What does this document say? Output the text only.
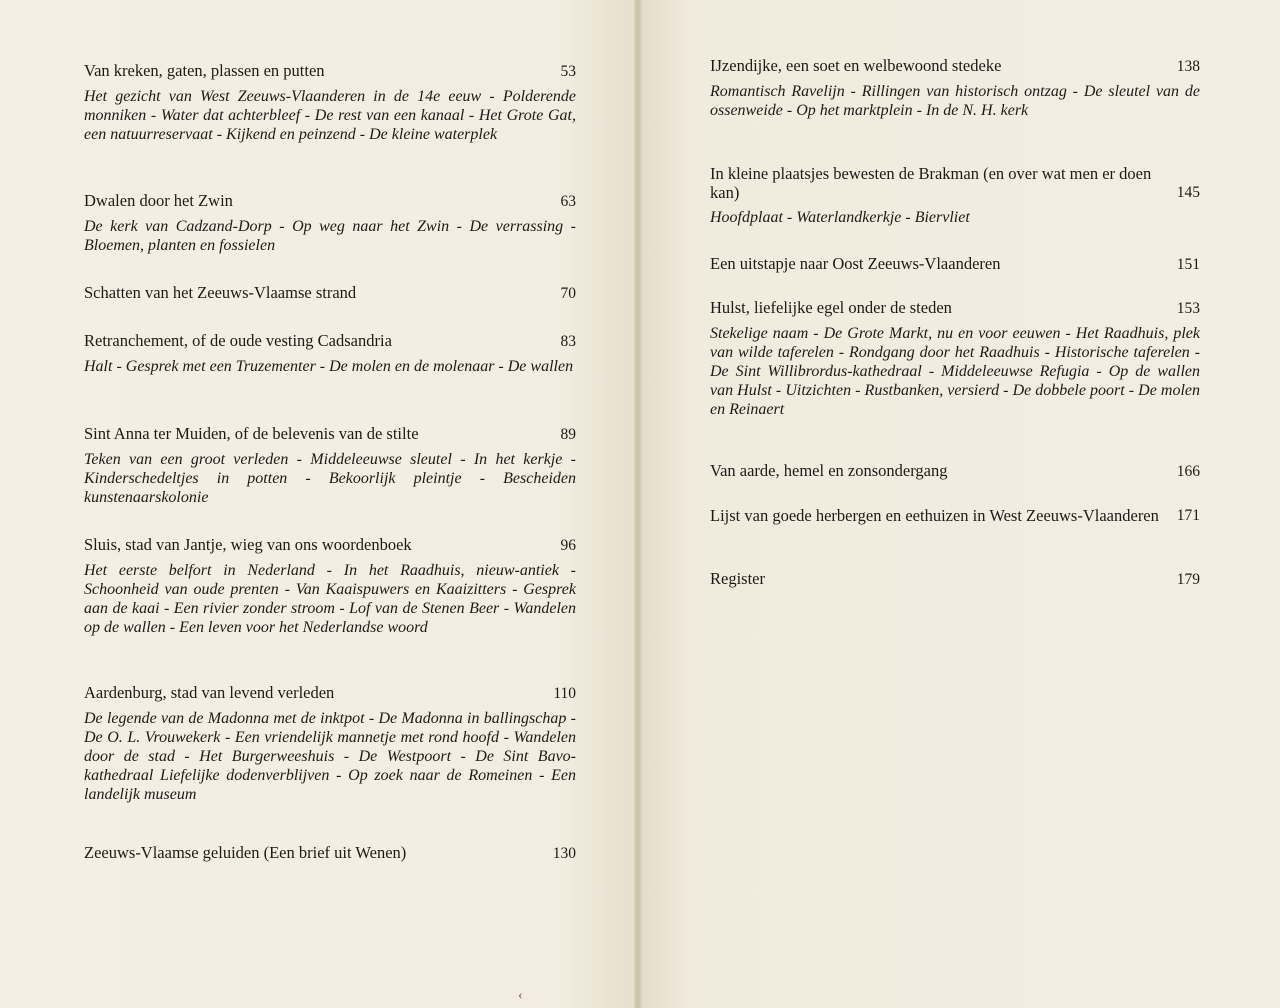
‹
Van kreken, gaten, plassen en putten	53
Het gezicht van West Zeeuws-Vlaanderen in de 14e eeuw - Polderende monniken - Water dat achterbleef - De rest van een kanaal - Het Grote Gat, een natuurreservaat - Kijkend en peinzend - De kleine waterplek
Dwalen door het Zwin	63
De kerk van Cadzand-Dorp - Op weg naar het Zwin - De verrassing - Bloemen, planten en fossielen
Schatten van het Zeeuws-Vlaamse strand	70
Retranchement, of de oude vesting Cadsandria	83
Halt - Gesprek met een Truzementer - De molen en de molenaar - De wallen
Sint Anna ter Muiden, of de belevenis van de stilte	89
Teken van een groot verleden - Middeleeuwse sleutel - In het kerkje - Kinderschedeltjes in potten - Bekoorlijk pleintje - Bescheiden kunstenaarskolonie
Sluis, stad van Jantje, wieg van ons woordenboek	96
Het eerste belfort in Nederland - In het Raadhuis, nieuw-antiek - Schoonheid van oude prenten - Van Kaaispuwers en Kaaizitters - Gesprek aan de kaai - Een rivier zonder stroom - Lof van de Stenen Beer - Wandelen op de wallen - Een leven voor het Nederlandse woord
Aardenburg, stad van levend verleden	110
De legende van de Madonna met de inktpot - De Madonna in ballingschap - De O. L. Vrouwekerk - Een vriendelijk mannetje met rond hoofd - Wandelen door de stad - Het Burgerweeshuis - De Westpoort - De Sint Bavo-kathedraal Liefelijke dodenverblijven - Op zoek naar de Romeinen - Een landelijk museum
Zeeuws-Vlaamse geluiden (Een brief uit Wenen)	130
IJzendijke, een soet en welbewoond stedeke	138
Romantisch Ravelijn - Rillingen van historisch ontzag - De sleutel van de ossenweide - Op het marktplein - In de N. H. kerk
In kleine plaatsjes bewesten de Brakman (en over wat men er doen kan)	145
Hoofdplaat - Waterlandkerkje - Biervliet
Een uitstapje naar Oost Zeeuws-Vlaanderen	151
Hulst, liefelijke egel onder de steden	153
Stekelige naam - De Grote Markt, nu en voor eeuwen - Het Raadhuis, plek van wilde taferelen - Rondgang door het Raadhuis - Historische taferelen - De Sint Willibrordus-kathedraal - Middeleeuwse Refugia - Op de wallen van Hulst - Uitzichten - Rustbanken, versierd - De dobbele poort - De molen en Reinaert
Van aarde, hemel en zonsondergang	166
Lijst van goede herbergen en eethuizen in West Zeeuws-Vlaanderen	171
Register	179
